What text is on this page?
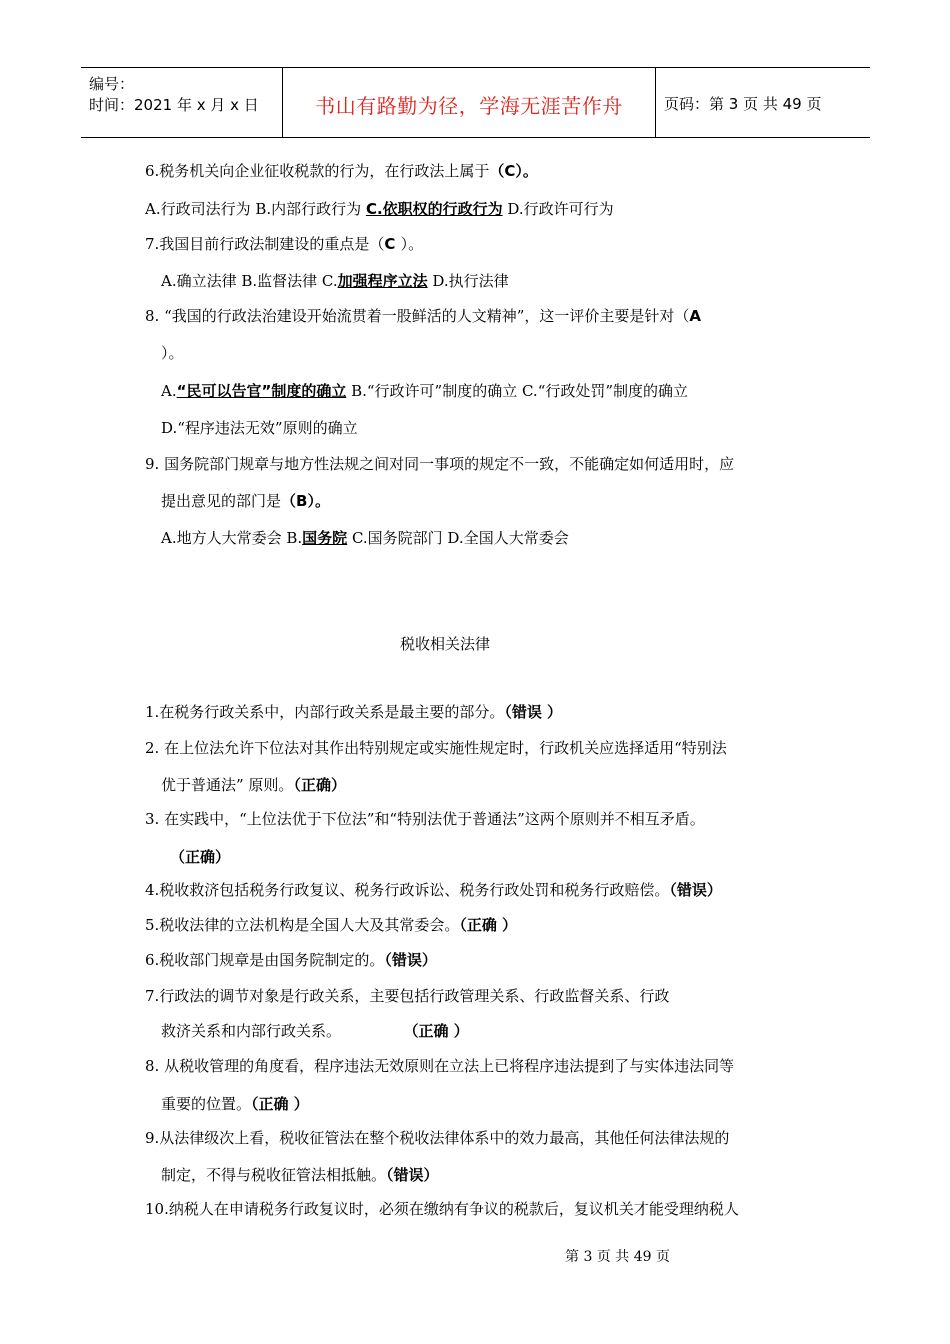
编号：
时间：2021 年 x 月 x 日	书山有路勤为径，学海无涯苦作舟	页码：第 3 页 共 49 页
6.税务机关向企业征收税款的行为，在行政法上属于（C）。
A.行政司法行为 B.内部行政行为 C.依职权的行政行为 D.行政许可行为
7.我国目前行政法制建设的重点是（C ）。
A.确立法律 B.监督法律 C.加强程序立法 D.执行法律
8. “我国的行政法治建设开始流贯着一股鲜活的人文精神”，这一评价主要是针对（A
）。
A.“民可以告官”制度的确立 B.“行政许可”制度的确立 C.“行政处罚”制度的确立
D.“程序违法无效”原则的确立
9. 国务院部门规章与地方性法规之间对同一事项的规定不一致，不能确定如何适用时，应
提出意见的部门是（B）。
A.地方人大常委会 B.国务院 C.国务院部门 D.全国人大常委会
税收相关法律
1.在税务行政关系中，内部行政关系是最主要的部分。（错误 ）
2. 在上位法允许下位法对其作出特别规定或实施性规定时，行政机关应选择适用“特别法
优于普通法” 原则。（正确）
3. 在实践中，“上位法优于下位法”和“特别法优于普通法”这两个原则并不相互矛盾。
（正确）
4.税收救济包括税务行政复议、税务行政诉讼、税务行政处罚和税务行政赔偿。（错误）
5.税收法律的立法机构是全国人大及其常委会。（正确 ）
6.税收部门规章是由国务院制定的。（错误）
7.行政法的调节对象是行政关系，主要包括行政管理关系、行政监督关系、行政
救济关系和内部行政关系。	（正确 ）
8. 从税收管理的角度看，程序违法无效原则在立法上已将程序违法提到了与实体违法同等
重要的位置。（正确 ）
9.从法律级次上看，税收征管法在整个税收法律体系中的效力最高，其他任何法律法规的
制定，不得与税收征管法相抵触。（错误）
10.纳税人在申请税务行政复议时，必须在缴纳有争议的税款后，复议机关才能受理纳税人
第 3 页 共 49 页
